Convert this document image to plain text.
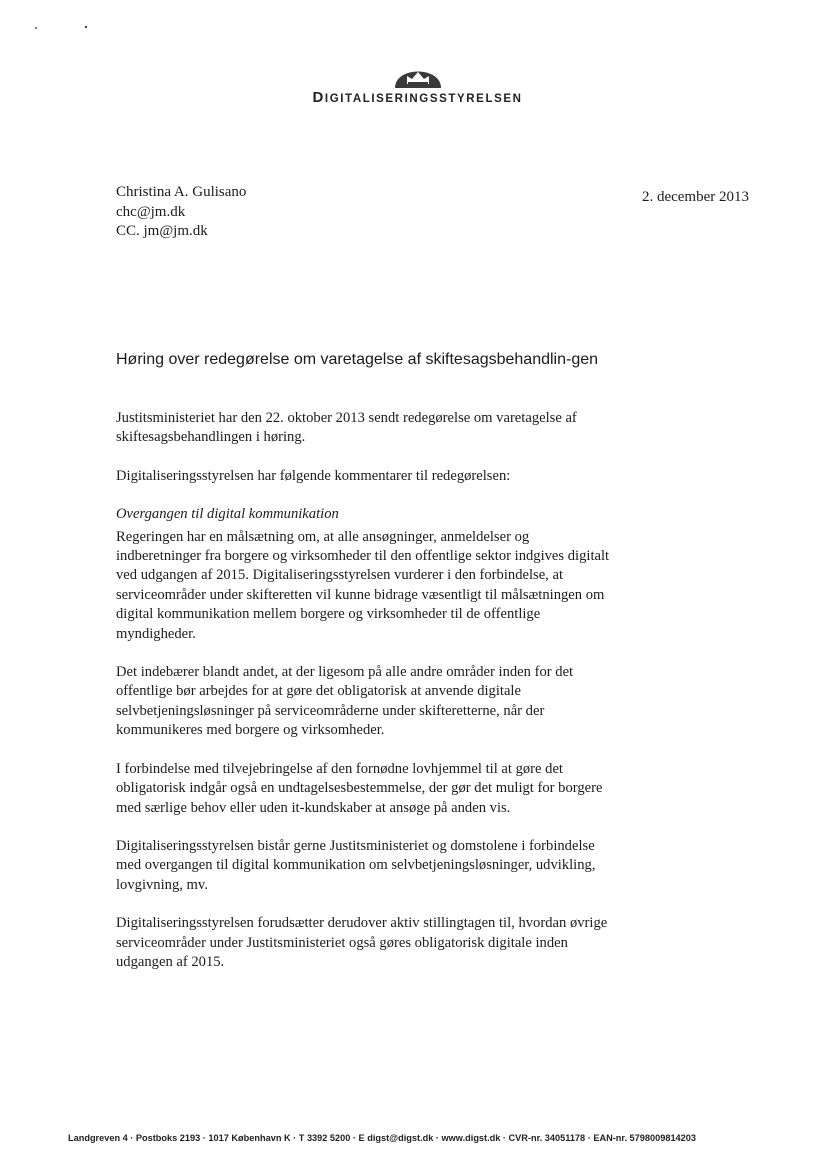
DIGITALISERINGSSTYRELSEN
Christina A. Gulisano
chc@jm.dk
CC. jm@jm.dk
2. december 2013
Høring over redegørelse om varetagelse af skiftesagsbehandlin-gen

Justitsministeriet har den 22. oktober 2013 sendt redegørelse om varetagelse af skiftesagsbehandlingen i høring.

Digitaliseringsstyrelsen har følgende kommentarer til redegørelsen:

Overgangen til digital kommunikation

Regeringen har en målsætning om, at alle ansøgninger, anmeldelser og indberetninger fra borgere og virksomheder til den offentlige sektor indgives digitalt ved udgangen af 2015. Digitaliseringsstyrelsen vurderer i den forbindelse, at serviceområder under skifteretten vil kunne bidrage væsentligt til målsætningen om digital kommunikation mellem borgere og virksomheder til de offentlige myndigheder.

Det indebærer blandt andet, at der ligesom på alle andre områder inden for det offentlige bør arbejdes for at gøre det obligatorisk at anvende digitale selvbetjeningsløsninger på serviceområderne under skifteretterne, når der kommunikeres med borgere og virksomheder.

I forbindelse med tilvejebringelse af den fornødne lovhjemmel til at gøre det obligatorisk indgår også en undtagelsesbestemmelse, der gør det muligt for borgere med særlige behov eller uden it-kundskaber at ansøge på anden vis.

Digitaliseringsstyrelsen bistår gerne Justitsministeriet og domstolene i forbindelse med overgangen til digital kommunikation om selvbetjeningsløsninger, udvikling, lovgivning, mv.

Digitaliseringsstyrelsen forudsætter derudover aktiv stillingtagen til, hvordan øvrige serviceområder under Justitsministeriet også gøres obligatorisk digitale inden udgangen af 2015.

Landgreven 4 · Postboks 2193 · 1017 København K · T 3392 5200 · E digst@digst.dk · www.digst.dk · CVR-nr. 34051178 · EAN-nr. 5798009814203
